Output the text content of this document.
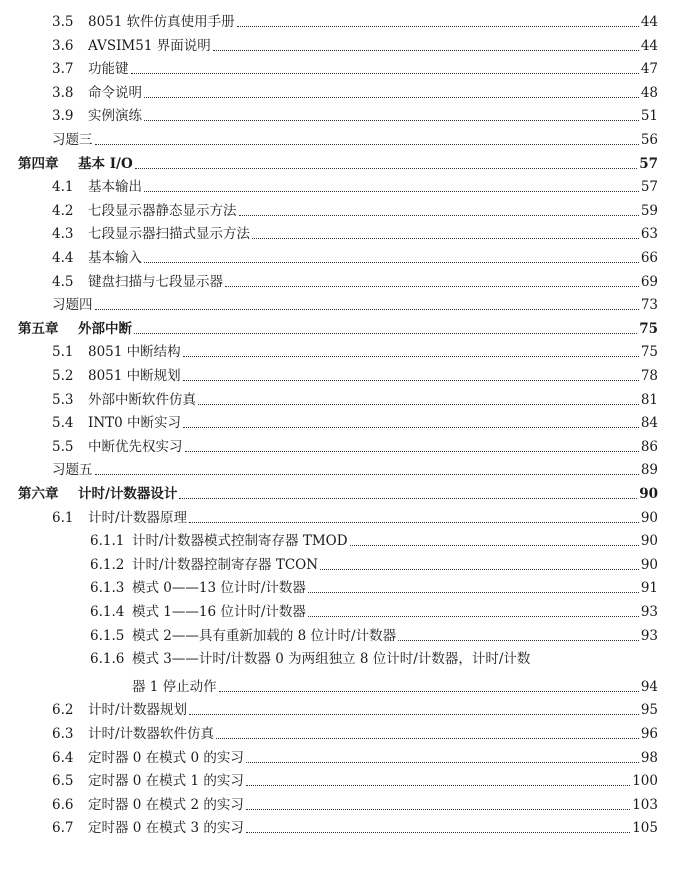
3.5	8051 软件仿真使用手册	44
3.6	AVSIM51 界面说明	44
3.7	功能键	47
3.8	命令说明	48
3.9	实例演练	51
习题三	56
第四章	基本 I/O	57
4.1	基本输出	57
4.2	七段显示器静态显示方法	59
4.3	七段显示器扫描式显示方法	63
4.4	基本输入	66
4.5	键盘扫描与七段显示器	69
习题四	73
第五章	外部中断	75
5.1	8051 中断结构	75
5.2	8051 中断规划	78
5.3	外部中断软件仿真	81
5.4	INT0 中断实习	84
5.5	中断优先权实习	86
习题五	89
第六章	计时/计数器设计	90
6.1	计时/计数器原理	90
6.1.1 计时/计数器模式控制寄存器 TMOD	90
6.1.2 计时/计数器控制寄存器 TCON	90
6.1.3 模式 0——13 位计时/计数器	91
6.1.4 模式 1——16 位计时/计数器	93
6.1.5 模式 2——具有重新加载的 8 位计时/计数器	93
6.1.6 模式 3——计时/计数器 0 为两组独立 8 位计时/计数器，计时/计数
器 1 停止动作	94
6.2	计时/计数器规划	95
6.3	计时/计数器软件仿真	96
6.4	定时器 0 在模式 0 的实习	98
6.5	定时器 0 在模式 1 的实习	100
6.6	定时器 0 在模式 2 的实习	103
6.7	定时器 0 在模式 3 的实习	105
